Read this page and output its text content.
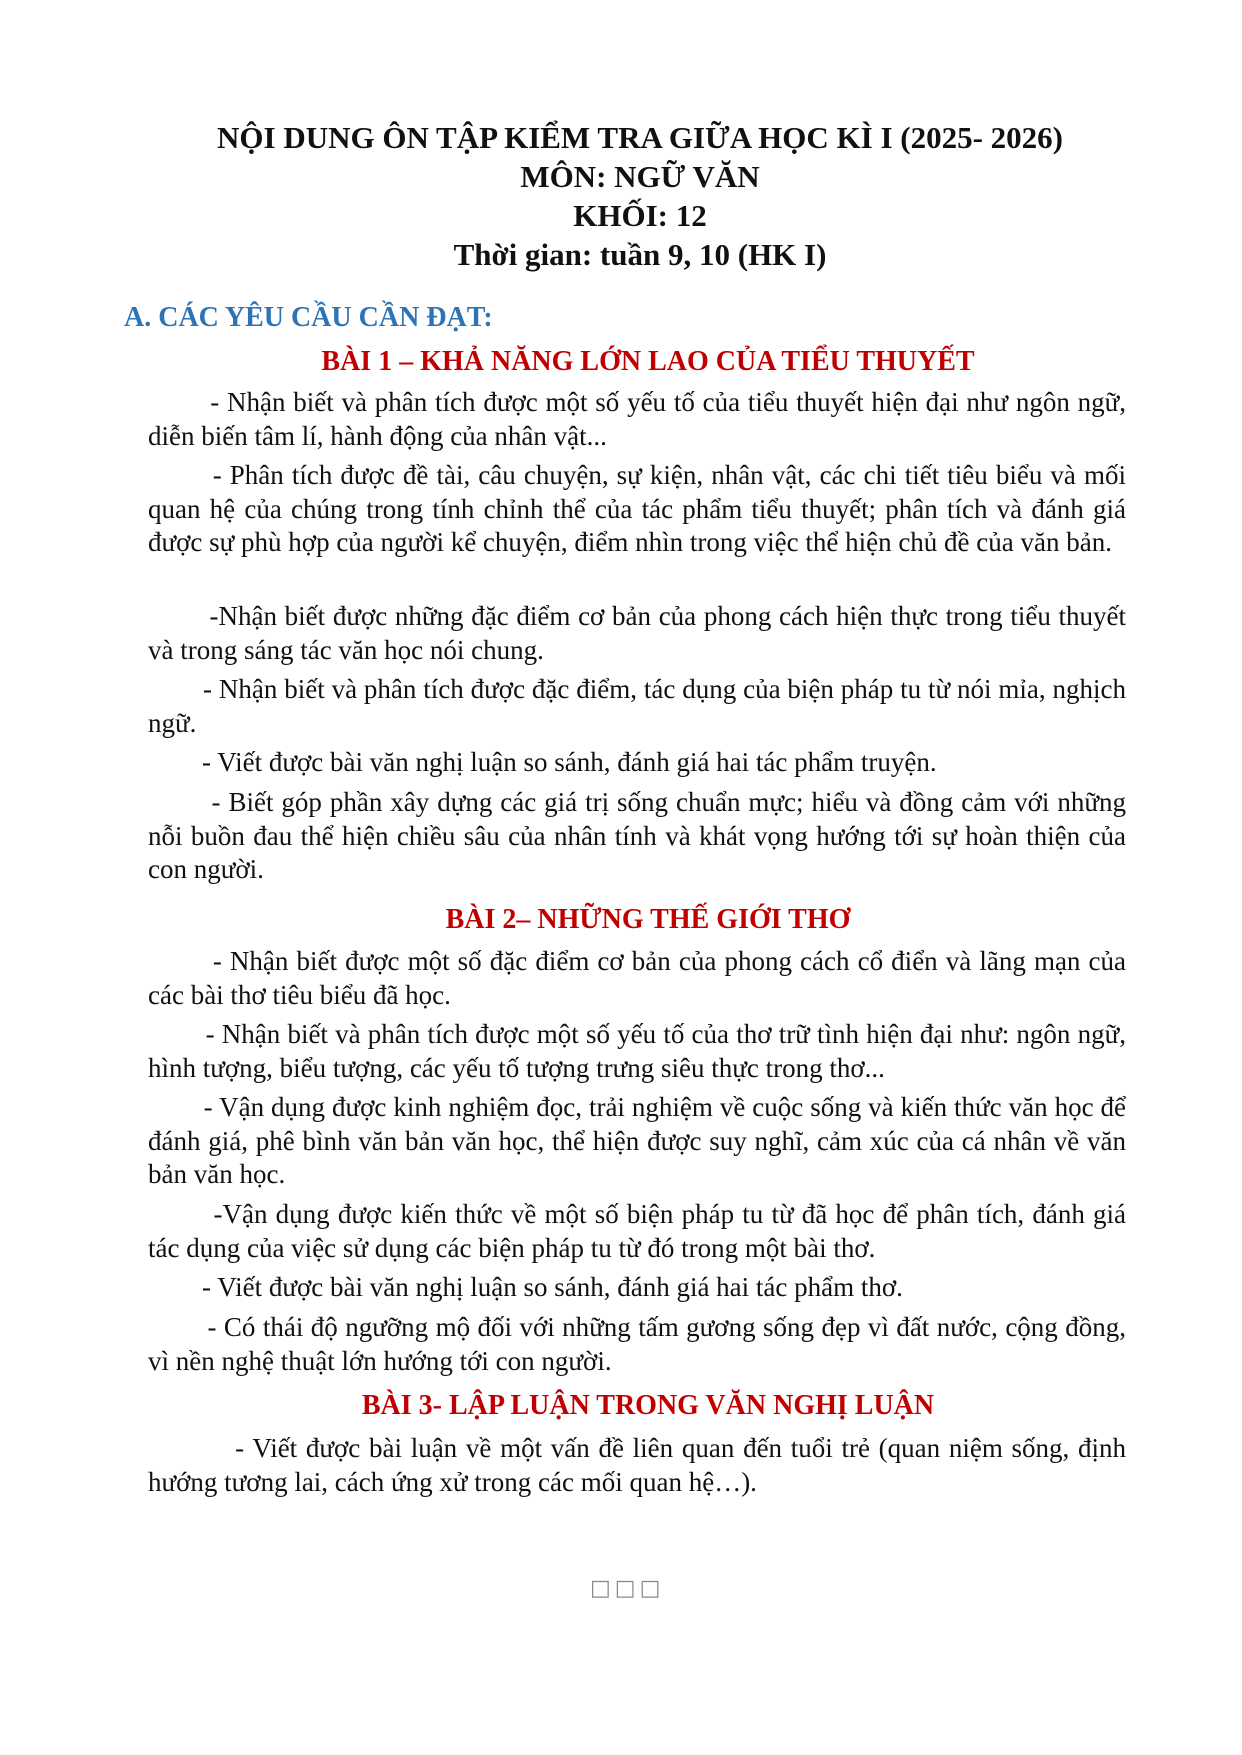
NỘI DUNG ÔN TẬP KIỂM TRA GIỮA HỌC KÌ I (2025- 2026)
MÔN: NGỮ VĂN
KHỐI: 12
Thời gian: tuần 9, 10 (HK I)
A. CÁC YÊU CẦU CẦN ĐẠT:
BÀI 1 – KHẢ NĂNG LỚN LAO CỦA TIỂU THUYẾT
- Nhận biết và phân tích được một số yếu tố của tiểu thuyết hiện đại như ngôn ngữ, diễn biến tâm lí, hành động của nhân vật...
- Phân tích được đề tài, câu chuyện, sự kiện, nhân vật, các chi tiết tiêu biểu và mối quan hệ của chúng trong tính chỉnh thể của tác phẩm tiểu thuyết; phân tích và đánh giá được sự phù hợp của người kể chuyện, điểm nhìn trong việc thể hiện chủ đề của văn bản.
-Nhận biết được những đặc điểm cơ bản của phong cách hiện thực trong tiểu thuyết và trong sáng tác văn học nói chung.
- Nhận biết và phân tích được đặc điểm, tác dụng của biện pháp tu từ nói mỉa, nghịch ngữ.
- Viết được bài văn nghị luận so sánh, đánh giá hai tác phẩm truyện.
- Biết góp phần xây dựng các giá trị sống chuẩn mực; hiểu và đồng cảm với những nỗi buồn đau thể hiện chiều sâu của nhân tính và khát vọng hướng tới sự hoàn thiện của con người.
BÀI 2– NHỮNG THẾ GIỚI THƠ
- Nhận biết được một số đặc điểm cơ bản của phong cách cổ điển và lãng mạn của các bài thơ tiêu biểu đã học.
- Nhận biết và phân tích được một số yếu tố của thơ trữ tình hiện đại như: ngôn ngữ, hình tượng, biểu tượng, các yếu tố tượng trưng siêu thực trong thơ...
- Vận dụng được kinh nghiệm đọc, trải nghiệm về cuộc sống và kiến thức văn học để đánh giá, phê bình văn bản văn học, thể hiện được suy nghĩ, cảm xúc của cá nhân về văn bản văn học.
-Vận dụng được kiến thức về một số biện pháp tu từ đã học để phân tích, đánh giá tác dụng của việc sử dụng các biện pháp tu từ đó trong một bài thơ.
- Viết được bài văn nghị luận so sánh, đánh giá hai tác phẩm thơ.
- Có thái độ ngưỡng mộ đối với những tấm gương sống đẹp vì đất nước, cộng đồng, vì nền nghệ thuật lớn hướng tới con người.
BÀI 3- LẬP LUẬN TRONG VĂN NGHỊ LUẬN
- Viết được bài luận về một vấn đề liên quan đến tuổi trẻ (quan niệm sống, định hướng tương lai, cách ứng xử trong các mối quan hệ…).
□□□
